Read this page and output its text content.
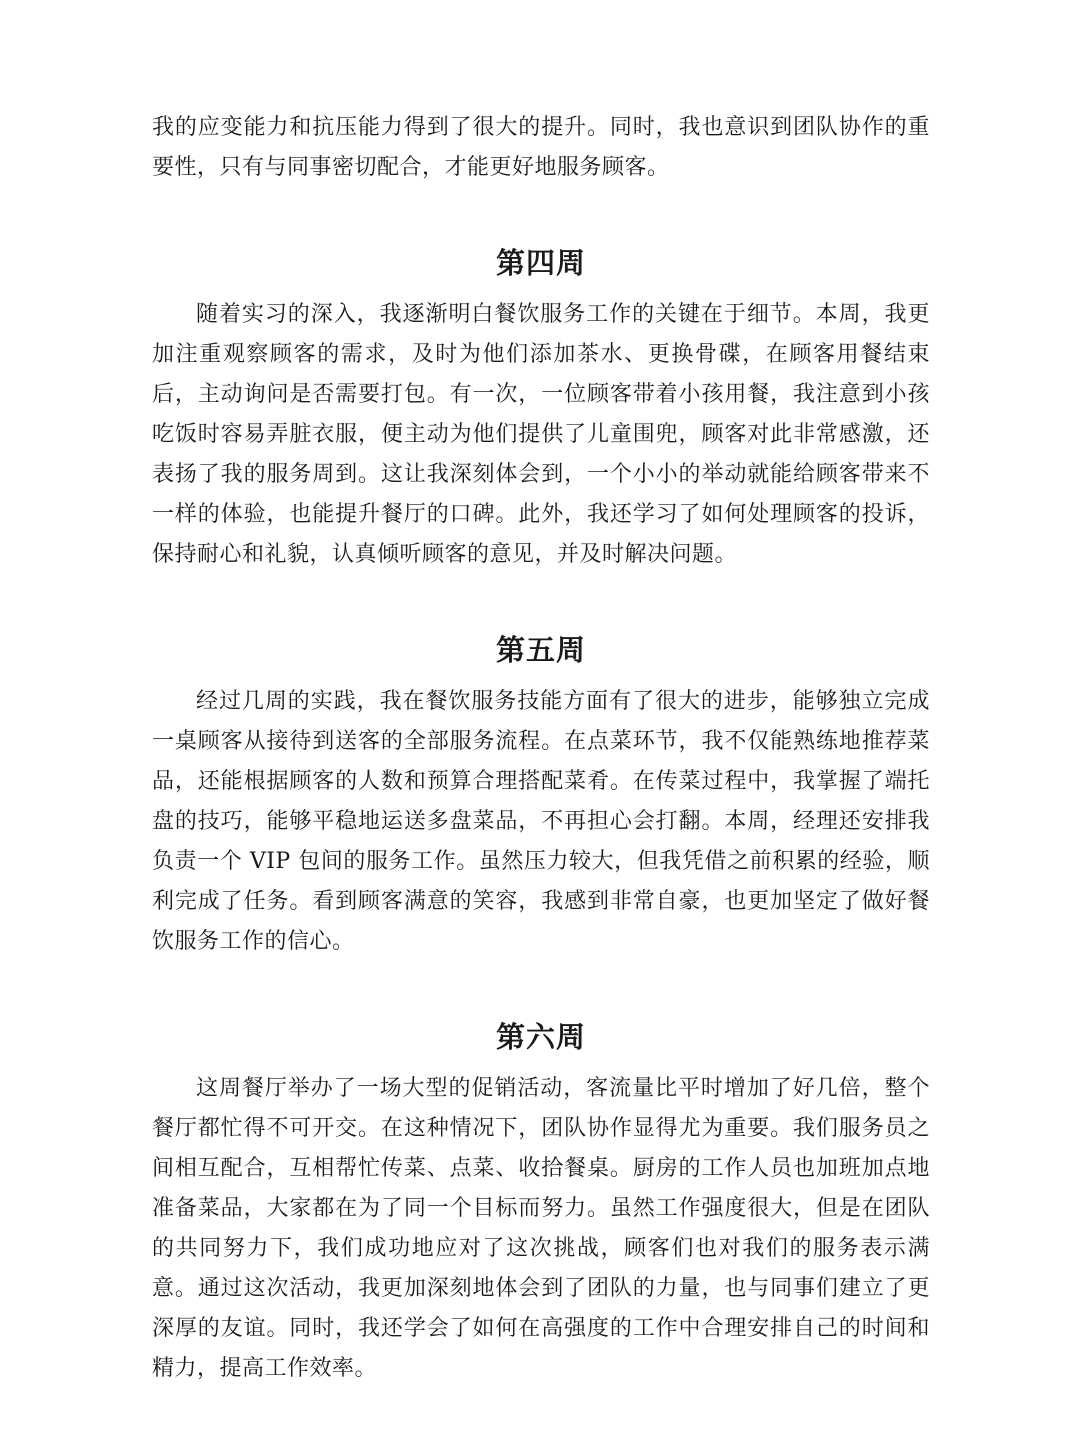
我的应变能力和抗压能力得到了很大的提升。同时，我也意识到团队协作的重要性，只有与同事密切配合，才能更好地服务顾客。

第四周

随着实习的深入，我逐渐明白餐饮服务工作的关键在于细节。本周，我更加注重观察顾客的需求，及时为他们添加茶水、更换骨碟，在顾客用餐结束后，主动询问是否需要打包。有一次，一位顾客带着小孩用餐，我注意到小孩吃饭时容易弄脏衣服，便主动为他们提供了儿童围兜，顾客对此非常感激，还表扬了我的服务周到。这让我深刻体会到，一个小小的举动就能给顾客带来不一样的体验，也能提升餐厅的口碑。此外，我还学习了如何处理顾客的投诉，保持耐心和礼貌，认真倾听顾客的意见，并及时解决问题。

第五周

经过几周的实践，我在餐饮服务技能方面有了很大的进步，能够独立完成一桌顾客从接待到送客的全部服务流程。在点菜环节，我不仅能熟练地推荐菜品，还能根据顾客的人数和预算合理搭配菜肴。在传菜过程中，我掌握了端托盘的技巧，能够平稳地运送多盘菜品，不再担心会打翻。本周，经理还安排我负责一个 VIP 包间的服务工作。虽然压力较大，但我凭借之前积累的经验，顺利完成了任务。看到顾客满意的笑容，我感到非常自豪，也更加坚定了做好餐饮服务工作的信心。

第六周

这周餐厅举办了一场大型的促销活动，客流量比平时增加了好几倍，整个餐厅都忙得不可开交。在这种情况下，团队协作显得尤为重要。我们服务员之间相互配合，互相帮忙传菜、点菜、收拾餐桌。厨房的工作人员也加班加点地准备菜品，大家都在为了同一个目标而努力。虽然工作强度很大，但是在团队的共同努力下，我们成功地应对了这次挑战，顾客们也对我们的服务表示满意。通过这次活动，我更加深刻地体会到了团队的力量，也与同事们建立了更深厚的友谊。同时，我还学会了如何在高强度的工作中合理安排自己的时间和精力，提高工作效率。
